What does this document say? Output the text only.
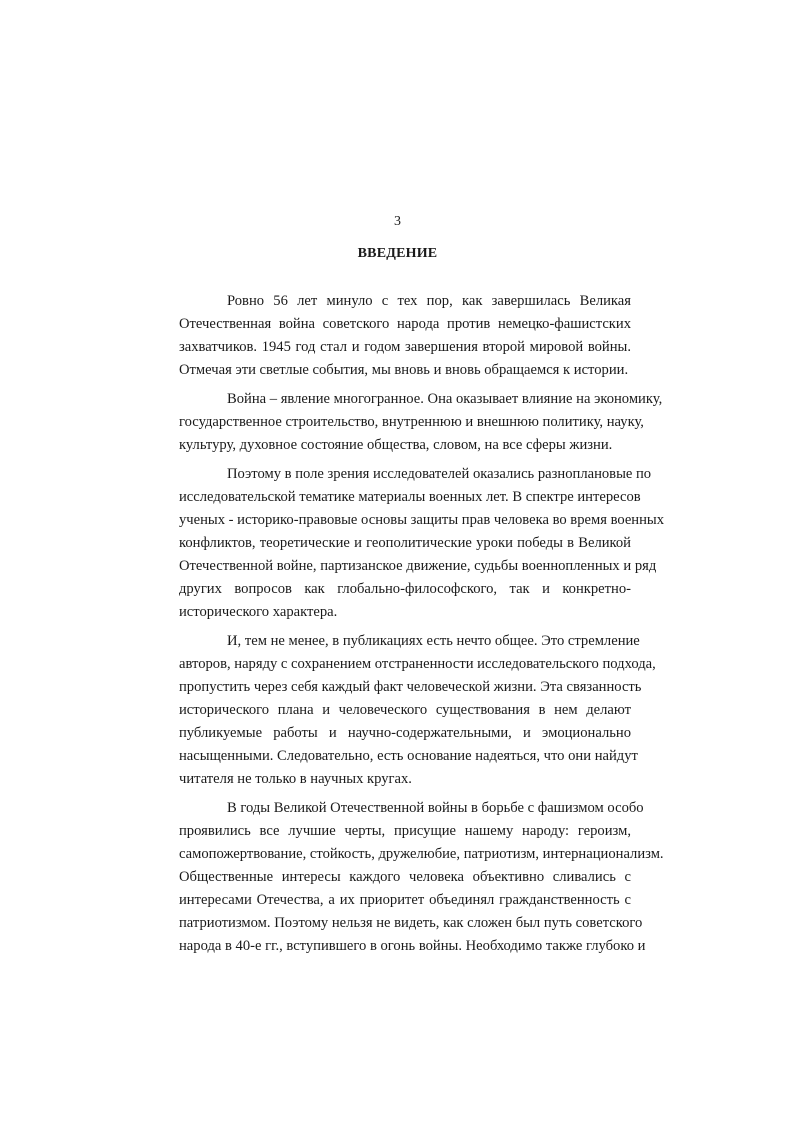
3
ВВЕДЕНИЕ

Ровно 56 лет минуло с тех пор, как завершилась Великая
Отечественная война советского народа против немецко-фашистских
захватчиков. 1945 год стал и годом завершения второй мировой войны.
Отмечая эти светлые события, мы вновь и вновь обращаемся к истории.

Война – явление многогранное. Она оказывает влияние на экономику,
государственное строительство, внутреннюю и внешнюю политику, науку,
культуру, духовное состояние общества, словом, на все сферы жизни.

Поэтому в поле зрения исследователей оказались разноплановые по
исследовательской тематике материалы военных лет. В спектре интересов
ученых - историко-правовые основы защиты прав человека во время военных
конфликтов, теоретические и геополитические уроки победы в Великой
Отечественной войне, партизанское движение, судьбы военнопленных и ряд
других вопросов как глобально-философского, так и конкретно-
исторического характера.

И, тем не менее, в публикациях есть нечто общее. Это стремление
авторов, наряду с сохранением отстраненности исследовательского подхода,
пропустить через себя каждый факт человеческой жизни. Эта связанность
исторического плана и человеческого существования в нем делают
публикуемые работы и научно-содержательными, и эмоционально
насыщенными. Следовательно, есть основание надеяться, что они найдут
читателя не только в научных кругах.

В годы Великой Отечественной войны в борьбе с фашизмом особо
проявились все лучшие черты, присущие нашему народу: героизм,
самопожертвование, стойкость, дружелюбие, патриотизм, интернационализм.
Общественные интересы каждого человека объективно сливались с
интересами Отечества, а их приоритет объединял гражданственность с
патриотизмом. Поэтому нельзя не видеть, как сложен был путь советского
народа в 40-е гг., вступившего в огонь войны. Необходимо также глубоко и
